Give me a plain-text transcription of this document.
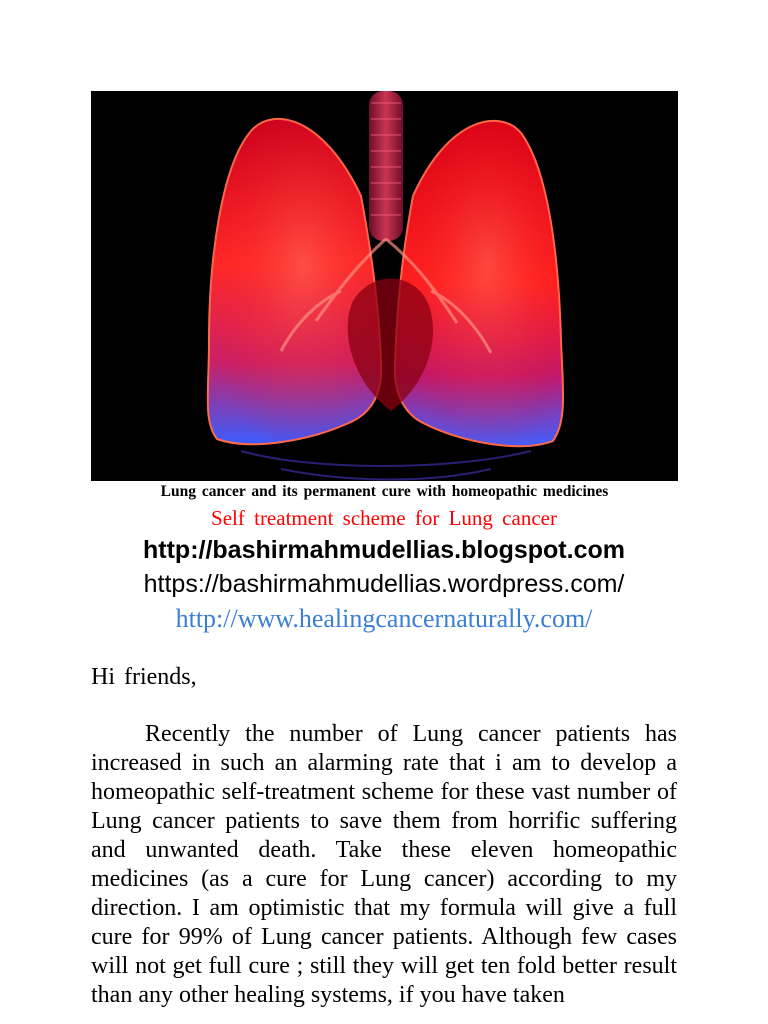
Lung cancer and its permanent cure with homeopathic medicines
Self treatment scheme for Lung cancer
http://bashirmahmudellias.blogspot.com
https://bashirmahmudellias.wordpress.com/
http://www.healingcancernaturally.com/
Hi friends,

Recently the number of Lung cancer patients has increased in such an alarming rate that i am to develop a homeopathic self-treatment scheme for these vast number of Lung cancer patients to save them from horrific suffering and unwanted death. Take these eleven homeopathic medicines (as a cure for Lung cancer) according to my direction. I am optimistic that my formula will give a full cure for 99% of Lung cancer patients. Although few cases will not get full cure ; still they will get ten fold better result than any other healing systems, if you have taken
